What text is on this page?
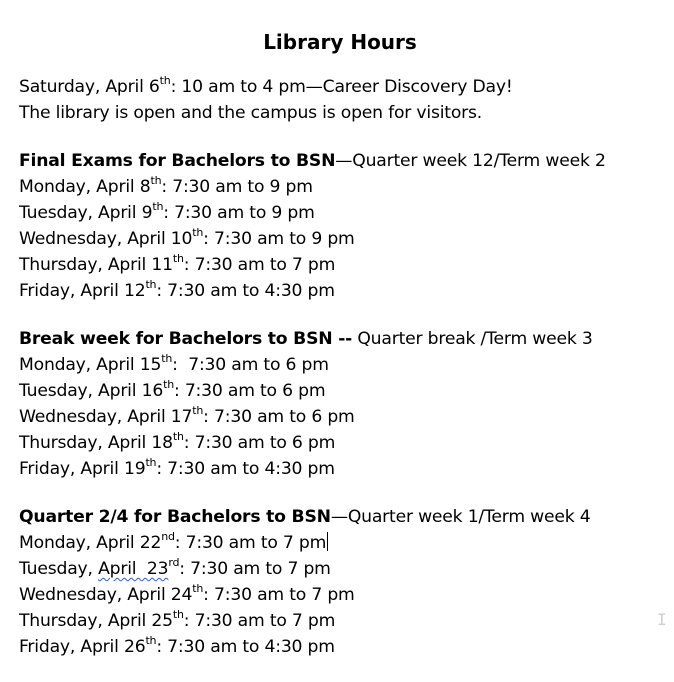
Library Hours
Saturday, April 6th: 10 am to 4 pm—Career Discovery Day!
The library is open and the campus is open for visitors.
Final Exams for Bachelors to BSN—Quarter week 12/Term week 2
Monday, April 8th: 7:30 am to 9 pm
Tuesday, April 9th: 7:30 am to 9 pm
Wednesday, April 10th: 7:30 am to 9 pm
Thursday, April 11th: 7:30 am to 7 pm
Friday, April 12th: 7:30 am to 4:30 pm
Break week for Bachelors to BSN -- Quarter break /Term week 3
Monday, April 15th:  7:30 am to 6 pm
Tuesday, April 16th: 7:30 am to 6 pm
Wednesday, April 17th: 7:30 am to 6 pm
Thursday, April 18th: 7:30 am to 6 pm
Friday, April 19th: 7:30 am to 4:30 pm
Quarter 2/4 for Bachelors to BSN—Quarter week 1/Term week 4
Monday, April 22nd: 7:30 am to 7 pm
Tuesday, April  23rd: 7:30 am to 7 pm
Wednesday, April 24th: 7:30 am to 7 pm
Thursday, April 25th: 7:30 am to 7 pm
Friday, April 26th: 7:30 am to 4:30 pm
I
